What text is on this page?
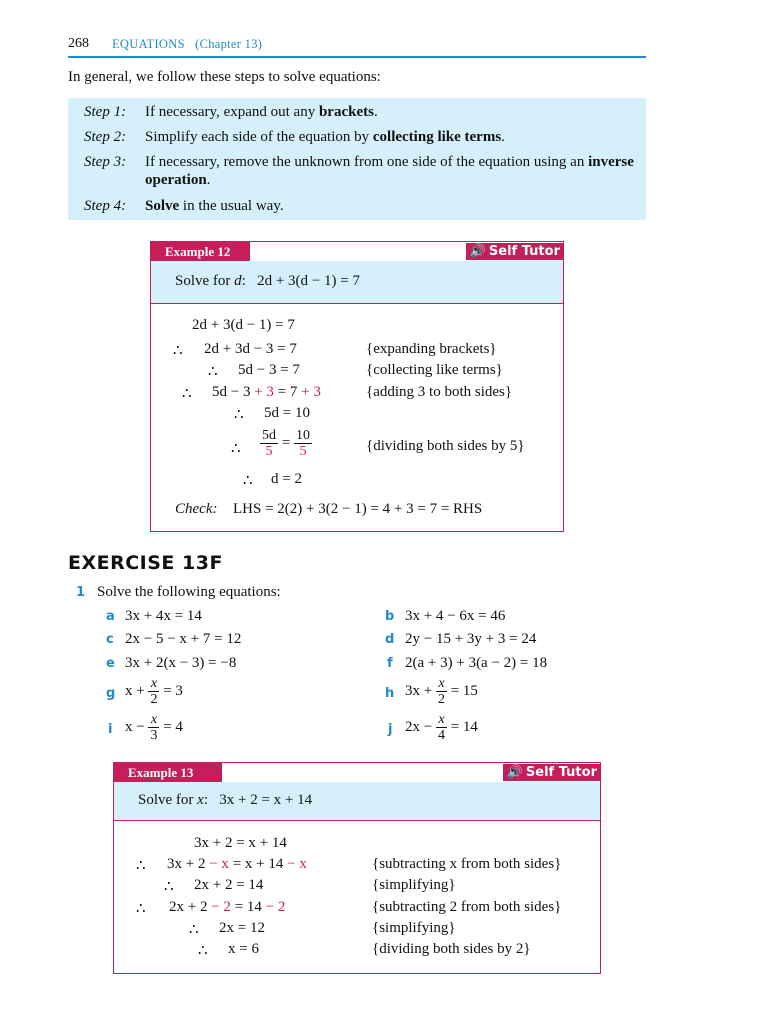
268 EQUATIONS   (Chapter 13)
In general, we follow these steps to solve equations:
Step 1:	If necessary, expand out any brackets.
Step 2:	Simplify each side of the equation by collecting like terms.
Step 3:	If necessary, remove the unknown from one side of the equation using an inverse operation.
Step 4:	Solve in the usual way.
Example 12	🔊 Self Tutor
Solve for d:   2d + 3(d − 1) = 7
2d + 3(d − 1) = 7
∴ 2d + 3d − 3 = 7	{expanding brackets}
∴ 5d − 3 = 7	{collecting like terms}
∴ 5d − 3 + 3 = 7 + 3	{adding 3 to both sides}
∴ 5d = 10
∴ $\frac{5d}{5} = \frac{10}{5}$	{dividing both sides by 5}
∴ d = 2
Check: LHS = 2(2) + 3(2 − 1) = 4 + 3 = 7 = RHS
EXERCISE 13F
1 Solve the following equations:
a 3x + 4x = 14	b 3x + 4 − 6x = 46
c 2x − 5 − x + 7 = 12	d 2y − 15 + 3y + 3 = 24
e 3x + 2(x − 3) = −8	f 2(a + 3) + 3(a − 2) = 18
g $x + \frac{x}{2} = 3$	h $3x + \frac{x}{2} = 15$
i $x - \frac{x}{3} = 4$	j $2x - \frac{x}{4} = 14$
Example 13	🔊 Self Tutor
Solve for x:   3x + 2 = x + 14
3x + 2 = x + 14
∴ 3x + 2 − x = x + 14 − x	{subtracting x from both sides}
∴ 2x + 2 = 14	{simplifying}
∴ 2x + 2 − 2 = 14 − 2	{subtracting 2 from both sides}
∴ 2x = 12	{simplifying}
∴ x = 6	{dividing both sides by 2}
